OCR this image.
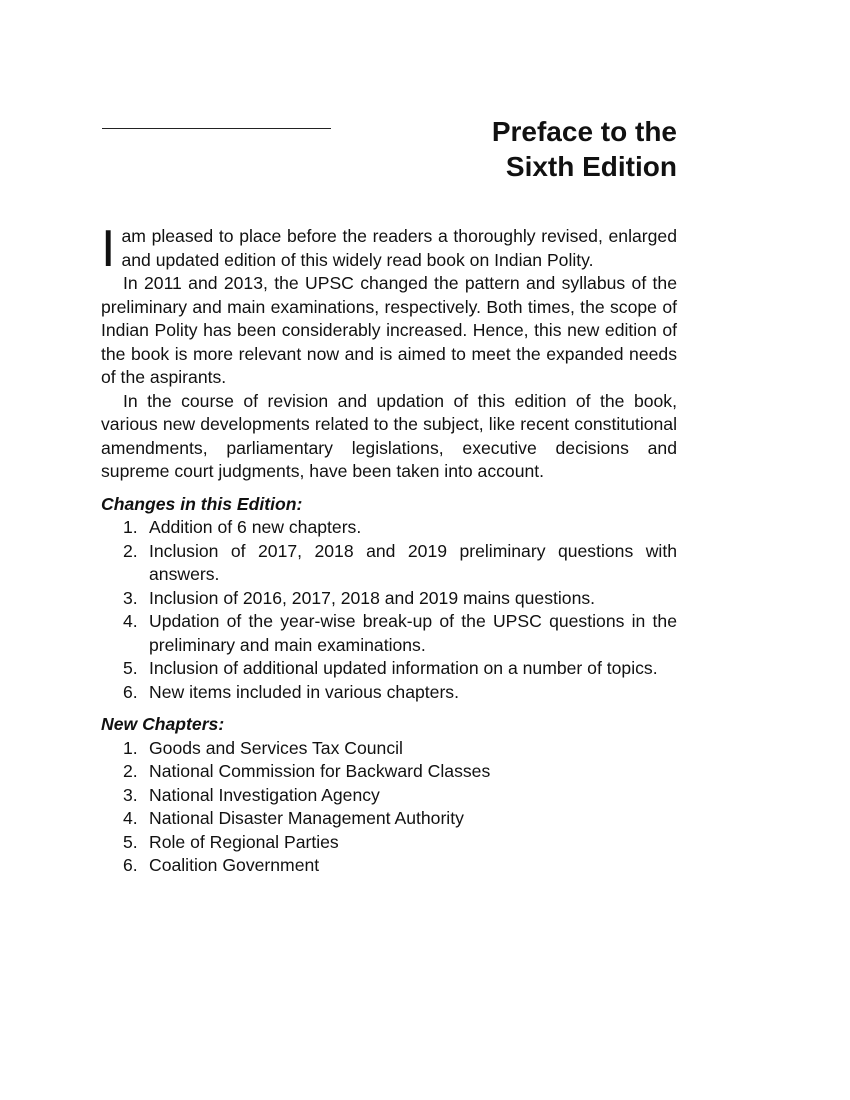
Preface to the
Sixth Edition

Iam pleased to place before the readers a thoroughly revised, enlarged and updated edition of this widely read book on Indian Polity.

In 2011 and 2013, the UPSC changed the pattern and syllabus of the preliminary and main examinations, respectively. Both times, the scope of Indian Polity has been considerably increased. Hence, this new edition of the book is more relevant now and is aimed to meet the expanded needs of the aspirants.

In the course of revision and updation of this edition of the book, various new developments related to the subject, like recent constitutional amendments, parliamentary legislations, executive decisions and supreme court judgments, have been taken into account.

Changes in this Edition:
1. Addition of 6 new chapters.
2. Inclusion of 2017, 2018 and 2019 preliminary questions with answers.
3. Inclusion of 2016, 2017, 2018 and 2019 mains questions.
4. Updation of the year-wise break-up of the UPSC questions in the preliminary and main examinations.
5. Inclusion of additional updated information on a number of topics.
6. New items included in various chapters.
New Chapters:
1. Goods and Services Tax Council
2. National Commission for Backward Classes
3. National Investigation Agency
4. National Disaster Management Authority
5. Role of Regional Parties
6. Coalition Government
